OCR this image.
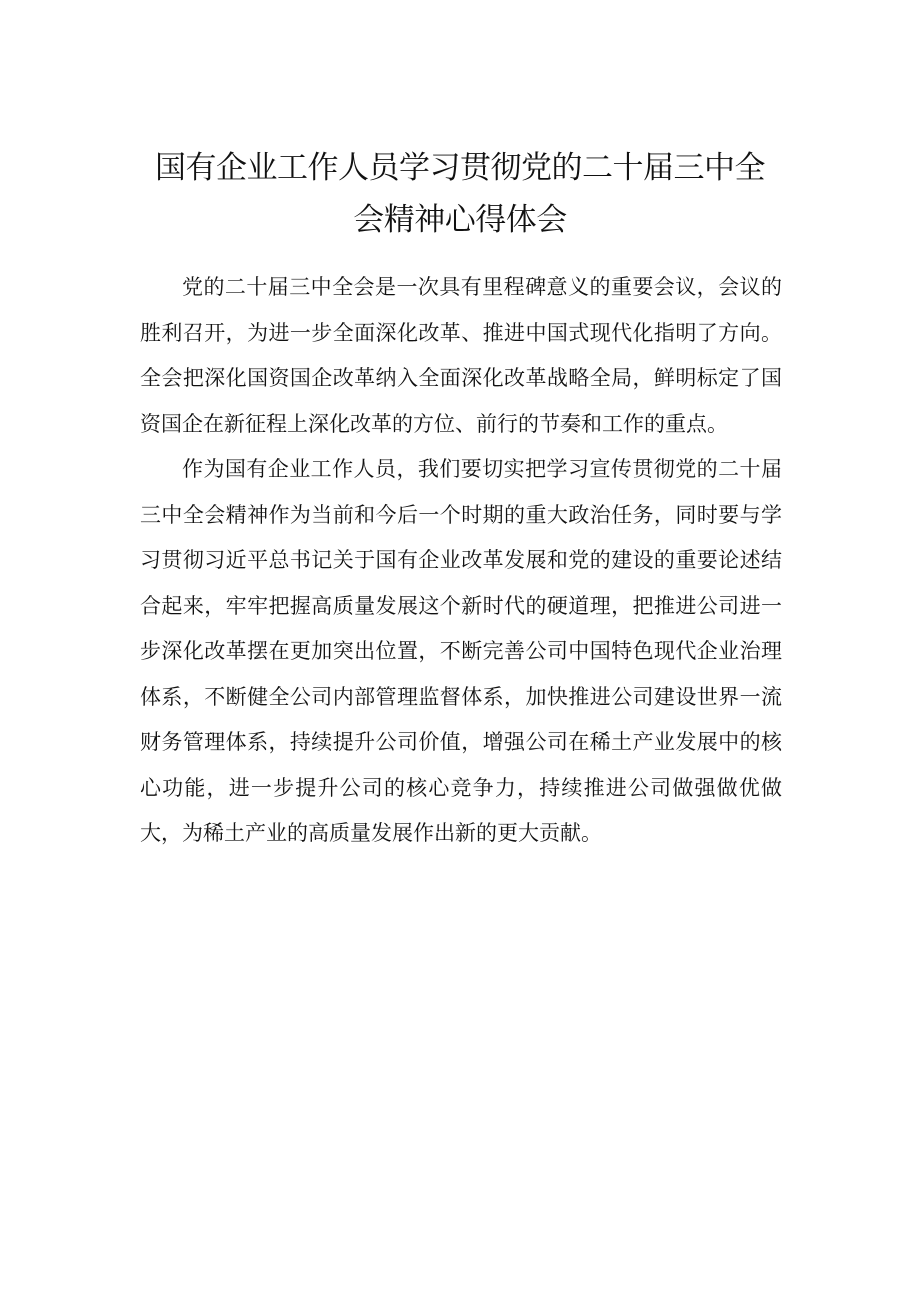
国有企业工作人员学习贯彻党的二十届三中全会精神心得体会

党的二十届三中全会是一次具有里程碑意义的重要会议，会议的胜利召开，为进一步全面深化改革、推进中国式现代化指明了方向。全会把深化国资国企改革纳入全面深化改革战略全局，鲜明标定了国资国企在新征程上深化改革的方位、前行的节奏和工作的重点。

作为国有企业工作人员，我们要切实把学习宣传贯彻党的二十届三中全会精神作为当前和今后一个时期的重大政治任务，同时要与学习贯彻习近平总书记关于国有企业改革发展和党的建设的重要论述结合起来，牢牢把握高质量发展这个新时代的硬道理，把推进公司进一步深化改革摆在更加突出位置，不断完善公司中国特色现代企业治理体系，不断健全公司内部管理监督体系，加快推进公司建设世界一流财务管理体系，持续提升公司价值，增强公司在稀土产业发展中的核心功能，进一步提升公司的核心竞争力，持续推进公司做强做优做大，为稀土产业的高质量发展作出新的更大贡献。
